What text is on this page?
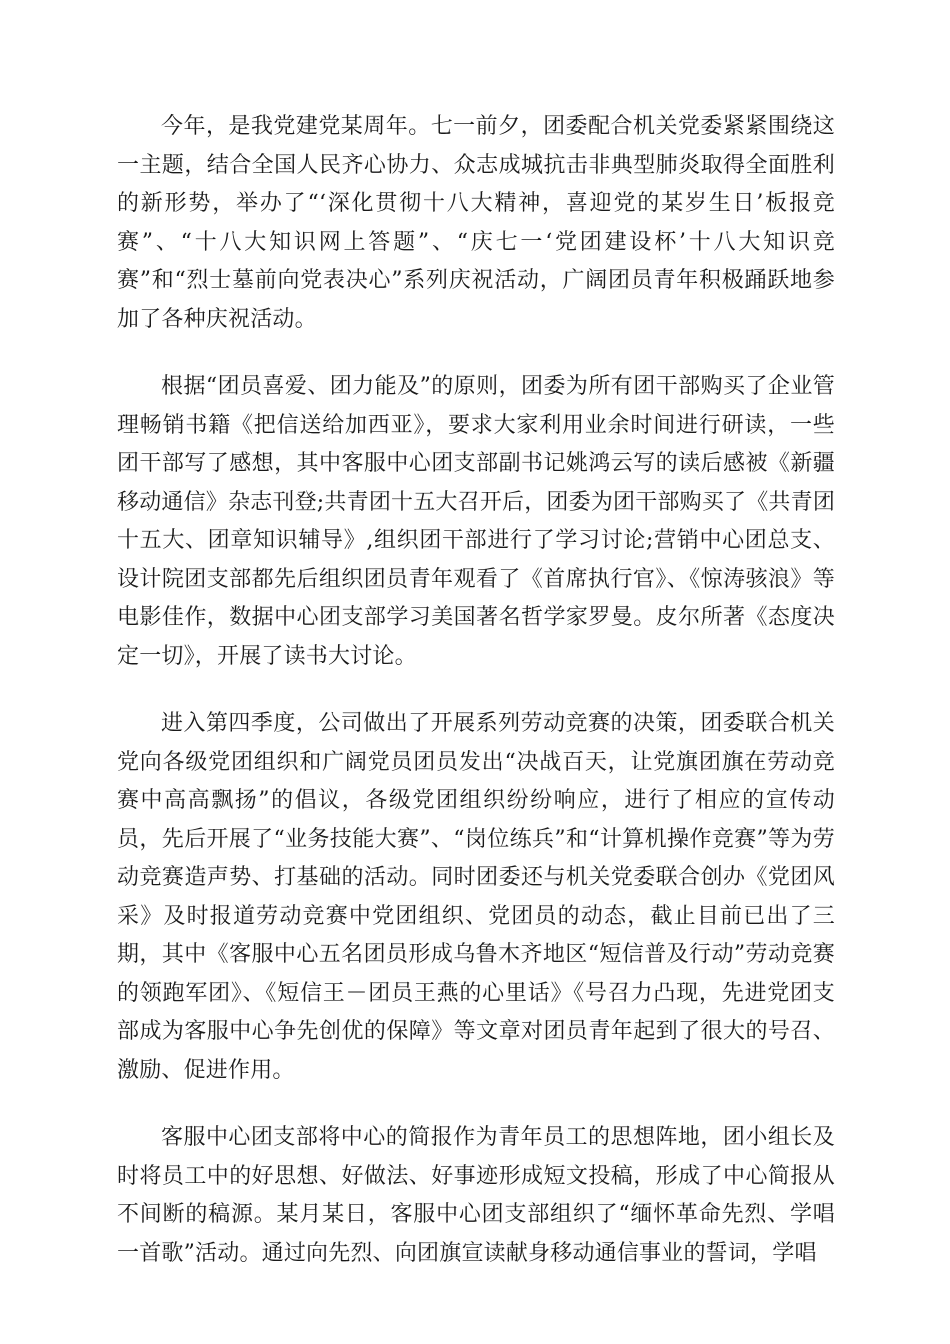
今年，是我党建党某周年。七一前夕，团委配合机关党委紧紧围绕这一主题，结合全国人民齐心协力、众志成城抗击非典型肺炎取得全面胜利的新形势，举办了“‘深化贯彻十八大精神，喜迎党的某岁生日’板报竞赛”、“十八大知识网上答题”、“庆七一‘党团建设杯’十八大知识竞赛”和“烈士墓前向党表决心”系列庆祝活动，广阔团员青年积极踊跃地参加了各种庆祝活动。

根据“团员喜爱、团力能及”的原则，团委为所有团干部购买了企业管理畅销书籍《把信送给加西亚》，要求大家利用业余时间进行研读，一些团干部写了感想，其中客服中心团支部副书记姚鸿云写的读后感被《新疆移动通信》杂志刊登;共青团十五大召开后，团委为团干部购买了《共青团十五大、团章知识辅导》,组织团干部进行了学习讨论;营销中心团总支、设计院团支部都先后组织团员青年观看了《首席执行官》、《惊涛骇浪》等电影佳作，数据中心团支部学习美国著名哲学家罗曼。皮尔所著《态度决定一切》，开展了读书大讨论。

进入第四季度，公司做出了开展系列劳动竞赛的决策，团委联合机关党向各级党团组织和广阔党员团员发出“决战百天，让党旗团旗在劳动竞赛中高高飘扬”的倡议，各级党团组织纷纷响应，进行了相应的宣传动员，先后开展了“业务技能大赛”、“岗位练兵”和“计算机操作竞赛”等为劳动竞赛造声势、打基础的活动。同时团委还与机关党委联合创办《党团风采》及时报道劳动竞赛中党团组织、党团员的动态，截止目前已出了三期，其中《客服中心五名团员形成乌鲁木齐地区“短信普及行动”劳动竞赛的领跑军团》、《短信王－团员王燕的心里话》《号召力凸现，先进党团支部成为客服中心争先创优的保障》等文章对团员青年起到了很大的号召、激励、促进作用。

客服中心团支部将中心的简报作为青年员工的思想阵地，团小组长及时将员工中的好思想、好做法、好事迹形成短文投稿，形成了中心简报从不间断的稿源。某月某日，客服中心团支部组织了“缅怀革命先烈、学唱一首歌”活动。通过向先烈、向团旗宣读献身移动通信事业的誓词，学唱
